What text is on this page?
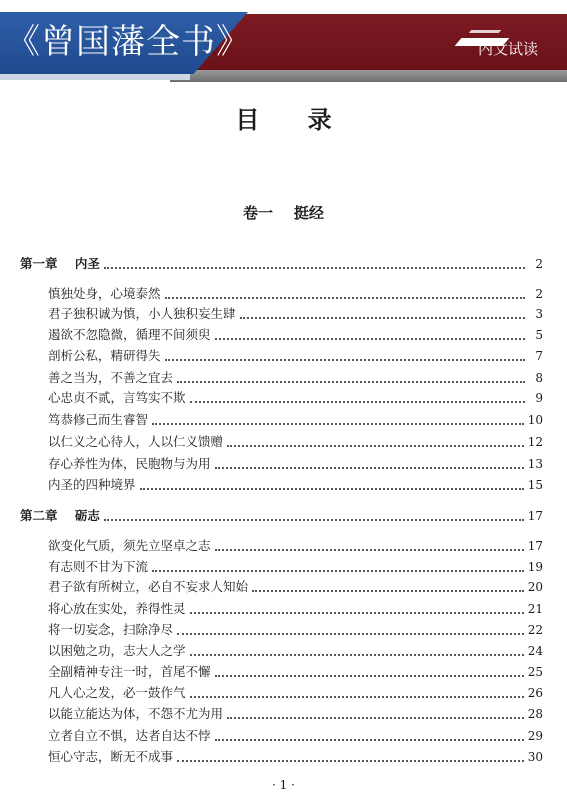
《曾国藩全书》	内文试读
目 录
卷一    挺经
第一章    内圣	2
慎独处身，心境泰然	2
君子独积诚为慎，小人独积妄生肆	3
遏欲不忽隐微，循理不间须臾	5
剖析公私，精研得失	7
善之当为，不善之宜去	8
心忠贞不贰，言笃实不欺	9
笃恭修己而生睿智	10
以仁义之心待人，人以仁义馈赠	12
存心养性为体，民胞物与为用	13
内圣的四种境界	15
第二章    砺志	17
欲变化气质，须先立坚卓之志	17
有志则不甘为下流	19
君子欲有所树立，必自不妄求人知始	20
将心放在实处，养得性灵	21
将一切妄念，扫除净尽	22
以困勉之功，志大人之学	24
全副精神专注一时，首尾不懈	25
凡人心之发，必一鼓作气	26
以能立能达为体，不怨不尤为用	28
立者自立不惧，达者自达不悖	29
恒心守志，断无不成事	30
· 1 ·
